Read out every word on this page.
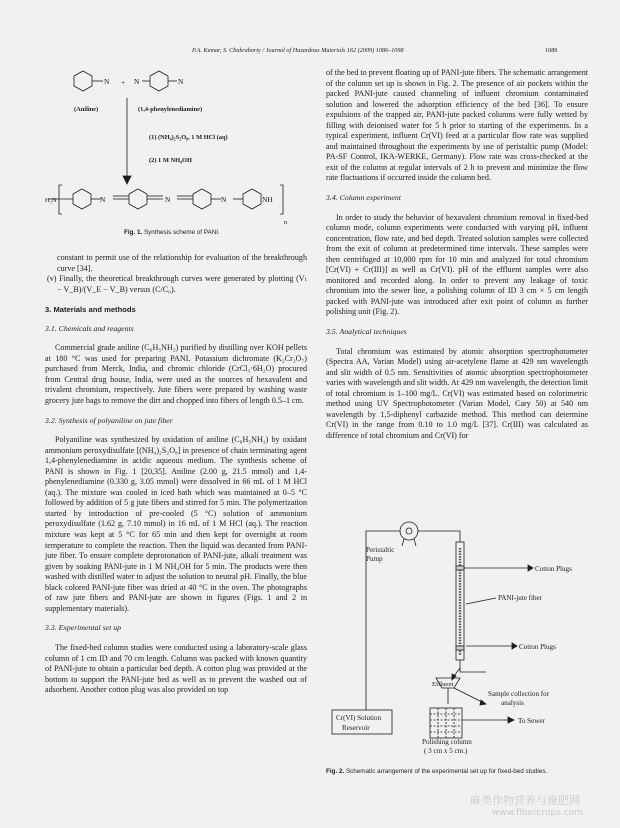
P.A. Kumar, S. Chakraborty / Journal of Hazardous Materials 162 (2009) 1086–1098	1089
N + N	N
N	N	N	NH
H₂N
n
(Aniline)	(1,4-phenylenediamine)
(1) (NH₄)₂S₂O₈, 1 M HCl (aq)
(2) 1 M NH₄OH
Fig. 1. Synthesis scheme of PANI.

constant to permit use of the relationship for evaluation of the breakthrough curve [34].

(v) Finally, the theoretical breakthrough curves were generated by plotting (Vₜ − V_B)/(V_E − V_B) versus (C/C₀).

3. Materials and methods

3.1. Chemicals and reagents

Commercial grade aniline (C₆H₅NH₂) purified by distilling over KOH pellets at 180 °C was used for preparing PANI. Potassium dichromate (K₂Cr₂O₇) purchased from Merck, India, and chromic chloride (CrCl₃·6H₂O) procured from Central drug house, India, were used as the sources of hexavalent and trivalent chromium, respectively. Jute fibers were prepared by washing waste grocery jute bags to remove the dirt and chopped into fibers of length 0.5–1 cm.

3.2. Synthesis of polyaniline on jute fiber

Polyaniline was synthesized by oxidation of aniline (C₆H₅NH₂) by oxidant ammonium peroxydisulfate [(NH₄)₂S₂O₈] in presence of chain terminating agent 1,4-phenylenediamine in acidic aqueous medium. The synthesis scheme of PANI is shown in Fig. 1 [20,35]. Aniline (2.00 g, 21.5 mmol) and 1,4-phenylenediamine (0.330 g, 3.05 mmol) were dissolved in 66 mL of 1 M HCl (aq.). The mixture was cooled in iced bath which was maintained at 0–5 °C followed by addition of 5 g jute fibers and stirred for 5 min. The polymerization started by introduction of pre-cooled (5 °C) solution of ammonium peroxydisulfate (1.62 g, 7.10 mmol) in 16 mL of 1 M HCl (aq.). The reaction mixture was kept at 5 °C for 65 min and then kept for overnight at room temperature to complete the reaction. Then the liquid was decanted from PANI-jute fiber. To ensure complete deprotonation of PANI-jute, alkali treatment was given by soaking PANI-jute in 1 M NH₄OH for 5 min. The products were then washed with distilled water to adjust the solution to neutral pH. Finally, the blue black colored PANI-jute fiber was dried at 40 °C in the oven. The photographs of raw jute fibers and PANI-jute are shown in figures (Figs. 1 and 2 in supplementary materials).

3.3. Experimental set up

The fixed-bed column studies were conducted using a laboratory-scale glass column of 1 cm ID and 70 cm length. Column was packed with known quantity of PANI-jute to obtain a particular bed depth. A cotton plug was provided at the bottom to support the PANI-jute bed as well as to prevent the washed out of adsorbent. Another cotton plug was also provided on top

of the bed to prevent floating up of PANI-jute fibers. The schematic arrangement of the column set up is shown in Fig. 2. The presence of air pockets within the packed PANI-jute caused channeling of influent chromium contaminated solution and lowered the adsorption efficiency of the bed [36]. To ensure expulsions of the trapped air, PANI-jute packed columns were fully wetted by filling with deionised water for 5 h prior to starting of the experiments. In a typical experiment, influent Cr(VI) feed at a particular flow rate was supplied and maintained throughout the experiments by use of peristaltic pump (Model: PA-SF Control, IKA-WERKE, Germany). Flow rate was cross-checked at the exit of the column at regular intervals of 2 h to prevent and minimize the flow rate fluctuations if occurred inside the column bed.

3.4. Column experiment

In order to study the behavior of hexavalent chromium removal in fixed-bed column mode, column experiments were conducted with varying pH, influent concentration, flow rate, and bed depth. Treated solution samples were collected from the exit of column at predetermined time intervals. These samples were then centrifuged at 10,000 rpm for 10 min and analyzed for total chromium [Cr(VI) + Cr(III)] as well as Cr(VI). pH of the effluent samples were also monitored and recorded along. In order to prevent any leakage of toxic chromium into the sewer line, a polishing column of ID 3 cm × 5 cm length packed with PANI-jute was introduced after exit point of column as further polishing unit (Fig. 2).

3.5. Analytical techniques

Total chromium was estimated by atomic absorption spectrophotometer (Spectra AA, Varian Model) using air-acetylene flame at 429 nm wavelength and slit width of 0.5 nm. Sensitivities of atomic absorption spectrophotometer varies with wavelength and slit width. At 429 nm wavelength, the detection limit of total chromium is 1–100 mg/L. Cr(VI) was estimated based on colorimetric method using UV Spectrophotometer (Varian Model, Cary 50) at 540 nm wavelength by 1,5-diphenyl carbazide method. This method can determine Cr(VI) in the range from 0.10 to 1.0 mg/L [37]. Cr(III) was calculated as difference of total chromium and Cr(VI) for

Peristaltic
Pump
Cotton Plugs
PANI-jute fiber
Cotton Plugs
Effluent
Sample collection for
analysis
To Sewer
Cr(VI) Solution
Reservoir
Polishing column
( 3 cm x 5 cm.)
Fig. 2. Schematic arrangement of the experimental set up for fixed-bed studies.
麻类作物营养与施肥网
www.fibercrops.com
